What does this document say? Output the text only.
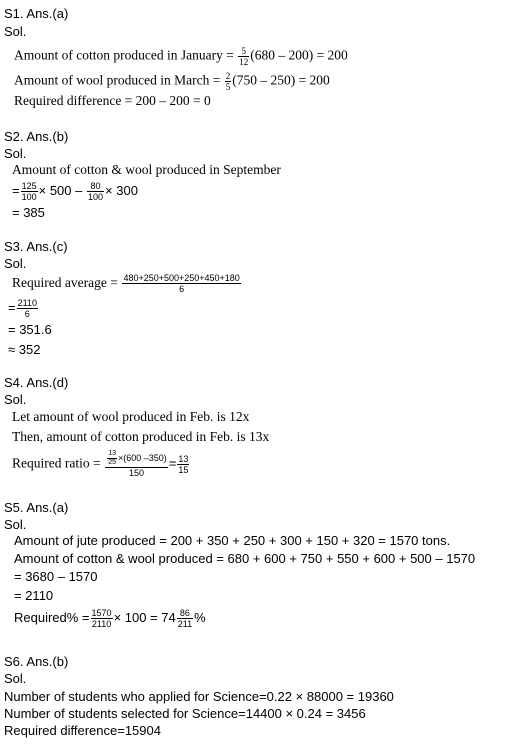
S1. Ans.(a)
Sol.
Amount of cotton produced in January = $\frac{5}{12} (680 - 200) = 200$
Amount of wool produced in March = $\frac{2}{5} (750 - 250) = 200$
Required difference = 200 – 200 = 0
S2. Ans.(b)
Sol.
Amount of cotton & wool produced in September
= $\frac{125}{100} \times 500 - \frac{80}{100} \times 300$
= 385
S3. Ans.(c)
Sol.
Required average = $\frac{480+250+500+250+450+180}{6}$
= $\frac{2110}{6}$
= 351.6
≈ 352
S4. Ans.(d)
Sol.
Let amount of wool produced in Feb. is 12x
Then, amount of cotton produced in Feb. is 13x
Required ratio = $\frac{\frac{13}{25} \times(600 -350)}{150} = \frac{13}{15}$
S5. Ans.(a)
Sol.
Amount of jute produced = 200 + 350 + 250 + 300 + 150 + 320 = 1570 tons.
Amount of cotton & wool produced = 680 + 600 + 750 + 550 + 600 + 500 – 1570
= 3680 – 1570
= 2110
Required% = $\frac{1570}{2110} \times 100 = 74 \frac{86}{211}$ %
S6. Ans.(b)
Sol.
Number of students who applied for Science=0.22 × 88000 = 19360
Number of students selected for Science=14400 × 0.24 = 3456
Required difference=15904
